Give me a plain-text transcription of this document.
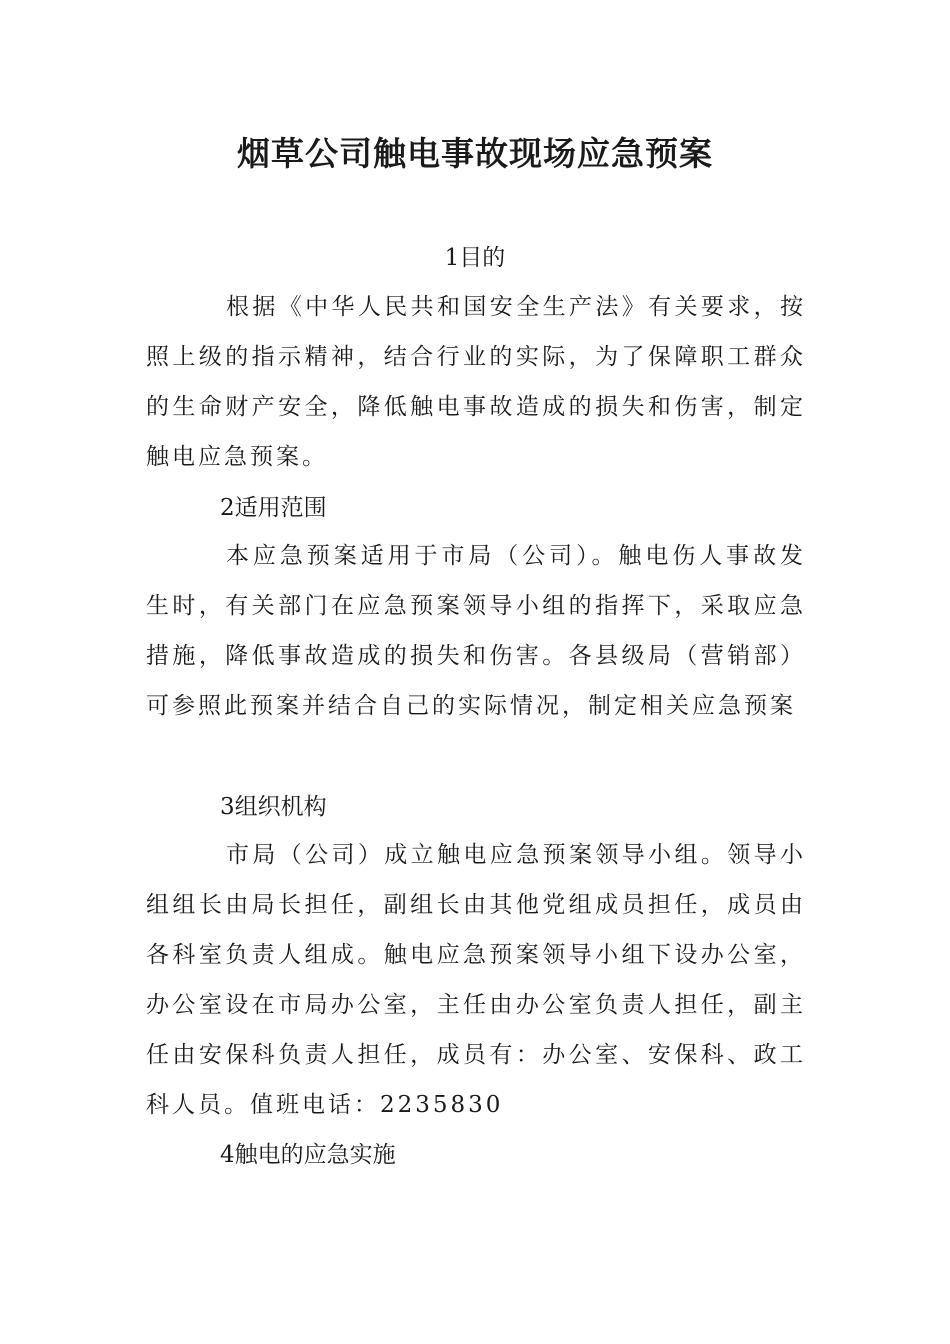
烟草公司触电事故现场应急预案
1目的

根据《中华人民共和国安全生产法》有关要求，按照上级的指示精神，结合行业的实际，为了保障职工群众的生命财产安全，降低触电事故造成的损失和伤害，制定触电应急预案。

2适用范围

本应急预案适用于市局（公司）。触电伤人事故发生时，有关部门在应急预案领导小组的指挥下，采取应急措施，降低事故造成的损失和伤害。各县级局（营销部）可参照此预案并结合自己的实际情况，制定相关应急预案

3组织机构

市局（公司）成立触电应急预案领导小组。领导小组组长由局长担任，副组长由其他党组成员担任，成员由各科室负责人组成。触电应急预案领导小组下设办公室，办公室设在市局办公室，主任由办公室负责人担任，副主任由安保科负责人担任，成员有：办公室、安保科、政工科人员。值班电话：2235830

4触电的应急实施
